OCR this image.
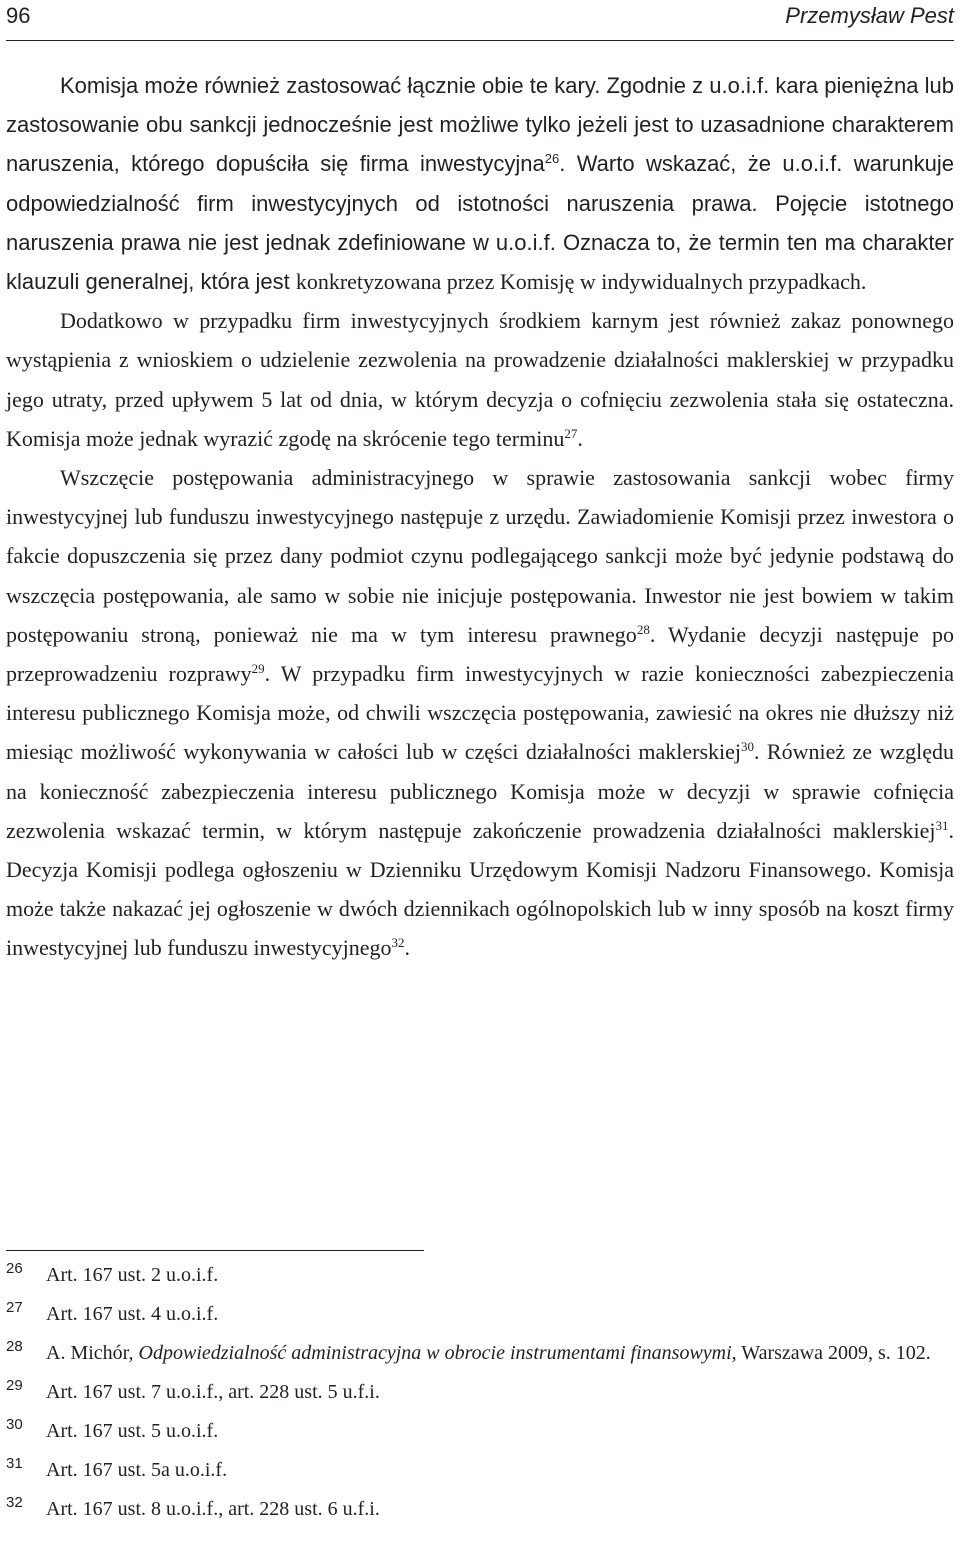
96	Przemysław Pest

Komisja może również zastosować łącznie obie te kary. Zgodnie z u.o.i.f. kara pieniężna lub zastosowanie obu sankcji jednocześnie jest możliwe tylko jeżeli jest to uzasadnione charakterem naruszenia, którego dopuściła się firma inwestycyjna$^{26}$. Warto wskazać, że u.o.i.f. warunkuje odpowiedzialność firm inwestycyjnych od istotności naruszenia prawa. Pojęcie istotnego naruszenia prawa nie jest jednak zdefiniowane w u.o.i.f. Oznacza to, że termin ten ma charakter klauzuli generalnej, która jest konkretyzowana przez Komisję w indywidualnych przypadkach.

Dodatkowo w przypadku firm inwestycyjnych środkiem karnym jest również zakaz ponownego wystąpienia z wnioskiem o udzielenie zezwolenia na prowadzenie działalności maklerskiej w przypadku jego utraty, przed upływem 5 lat od dnia, w którym decyzja o cofnięciu zezwolenia stała się ostateczna. Komisja może jednak wyrazić zgodę na skrócenie tego terminu$^{27}$.

Wszczęcie postępowania administracyjnego w sprawie zastosowania sankcji wobec firmy inwestycyjnej lub funduszu inwestycyjnego następuje z urzędu. Zawiadomienie Komisji przez inwestora o fakcie dopuszczenia się przez dany podmiot czynu podlegającego sankcji może być jedynie podstawą do wszczęcia postępowania, ale samo w sobie nie inicjuje postępowania. Inwestor nie jest bowiem w takim postępowaniu stroną, ponieważ nie ma w tym interesu prawnego$^{28}$. Wydanie decyzji następuje po przeprowadzeniu rozprawy$^{29}$. W przypadku firm inwestycyjnych w razie konieczności zabezpieczenia interesu publicznego Komisja może, od chwili wszczęcia postępowania, zawiesić na okres nie dłuższy niż miesiąc możliwość wykonywania w całości lub w części działalności maklerskiej$^{30}$. Również ze względu na konieczność zabezpieczenia interesu publicznego Komisja może w decyzji w sprawie cofnięcia zezwolenia wskazać termin, w którym następuje zakończenie prowadzenia działalności maklerskiej$^{31}$. Decyzja Komisji podlega ogłoszeniu w Dzienniku Urzędowym Komisji Nadzoru Finansowego. Komisja może także nakazać jej ogłoszenie w dwóch dziennikach ogólnopolskich lub w inny sposób na koszt firmy inwestycyjnej lub funduszu inwestycyjnego$^{32}$.

26 Art. 167 ust. 2 u.o.i.f.
27 Art. 167 ust. 4 u.o.i.f.
28 A. Michór, Odpowiedzialność administracyjna w obrocie instrumentami finansowymi, Warszawa 2009, s. 102.
29 Art. 167 ust. 7 u.o.i.f., art. 228 ust. 5 u.f.i.
30 Art. 167 ust. 5 u.o.i.f.
31 Art. 167 ust. 5a u.o.i.f.
32 Art. 167 ust. 8 u.o.i.f., art. 228 ust. 6 u.f.i.
